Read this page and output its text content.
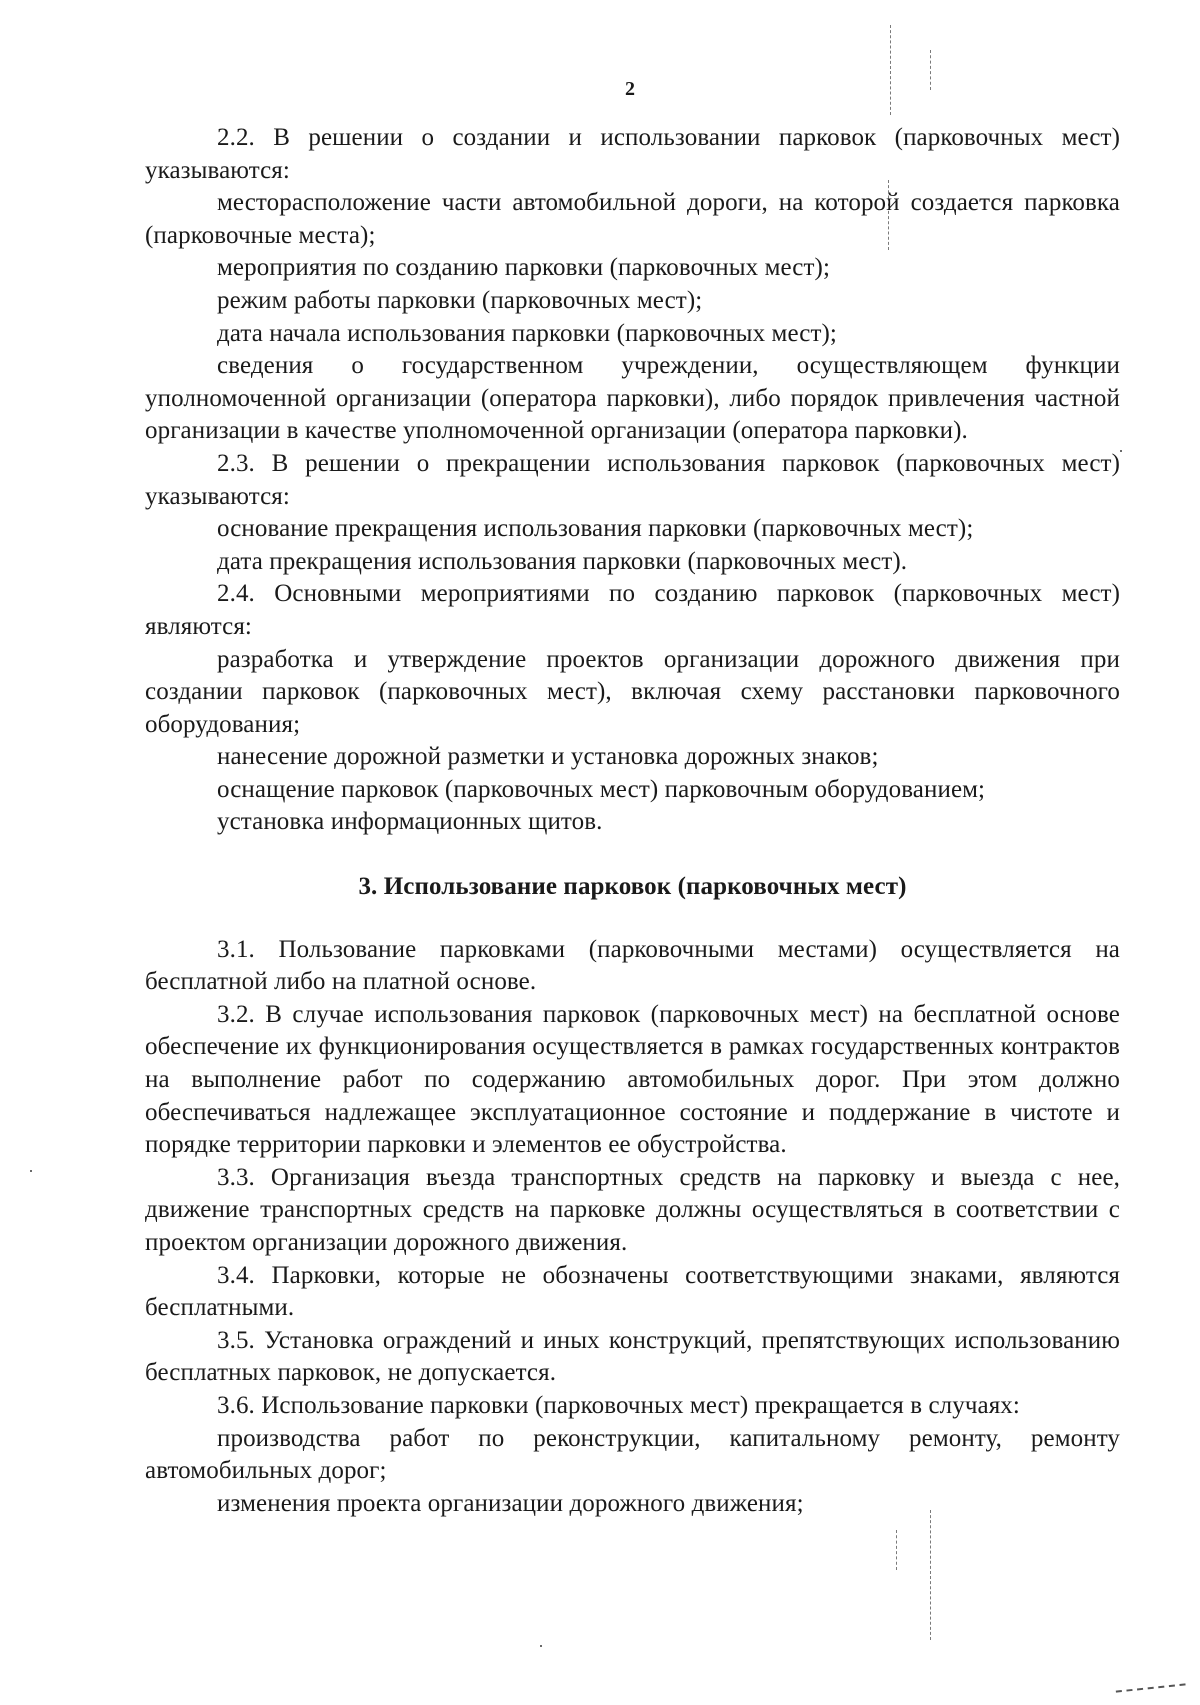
2

2.2. В решении о создании и использовании парковок (парковочных мест) указываются:

месторасположение части автомобильной дороги, на которой создается парковка (парковочные места);

мероприятия по созданию парковки (парковочных мест);

режим работы парковки (парковочных мест);

дата начала использования парковки (парковочных мест);

сведения о государственном учреждении, осуществляющем функции уполномоченной организации (оператора парковки), либо порядок привлечения частной организации в качестве уполномоченной организации (оператора парковки).

2.3. В решении о прекращении использования парковок (парковочных мест) указываются:

основание прекращения использования парковки (парковочных мест);

дата прекращения использования парковки (парковочных мест).

2.4. Основными мероприятиями по созданию парковок (парковочных мест) являются:

разработка и утверждение проектов организации дорожного движения при создании парковок (парковочных мест), включая схему расстановки парковочного оборудования;

нанесение дорожной разметки и установка дорожных знаков;

оснащение парковок (парковочных мест) парковочным оборудованием;

установка информационных щитов.

3. Использование парковок (парковочных мест)

3.1. Пользование парковками (парковочными местами) осуществляется на бесплатной либо на платной основе.

3.2. В случае использования парковок (парковочных мест) на бесплатной основе обеспечение их функционирования осуществляется в рамках государственных контрактов на выполнение работ по содержанию автомобильных дорог. При этом должно обеспечиваться надлежащее эксплуатационное состояние и поддержание в чистоте и порядке территории парковки и элементов ее обустройства.

3.3. Организация въезда транспортных средств на парковку и выезда с нее, движение транспортных средств на парковке должны осуществляться в соответствии с проектом организации дорожного движения.

3.4. Парковки, которые не обозначены соответствующими знаками, являются бесплатными.

3.5. Установка ограждений и иных конструкций, препятствующих использованию бесплатных парковок, не допускается.

3.6. Использование парковки (парковочных мест) прекращается в случаях:

производства работ по реконструкции, капитальному ремонту, ремонту автомобильных дорог;

изменения проекта организации дорожного движения;
